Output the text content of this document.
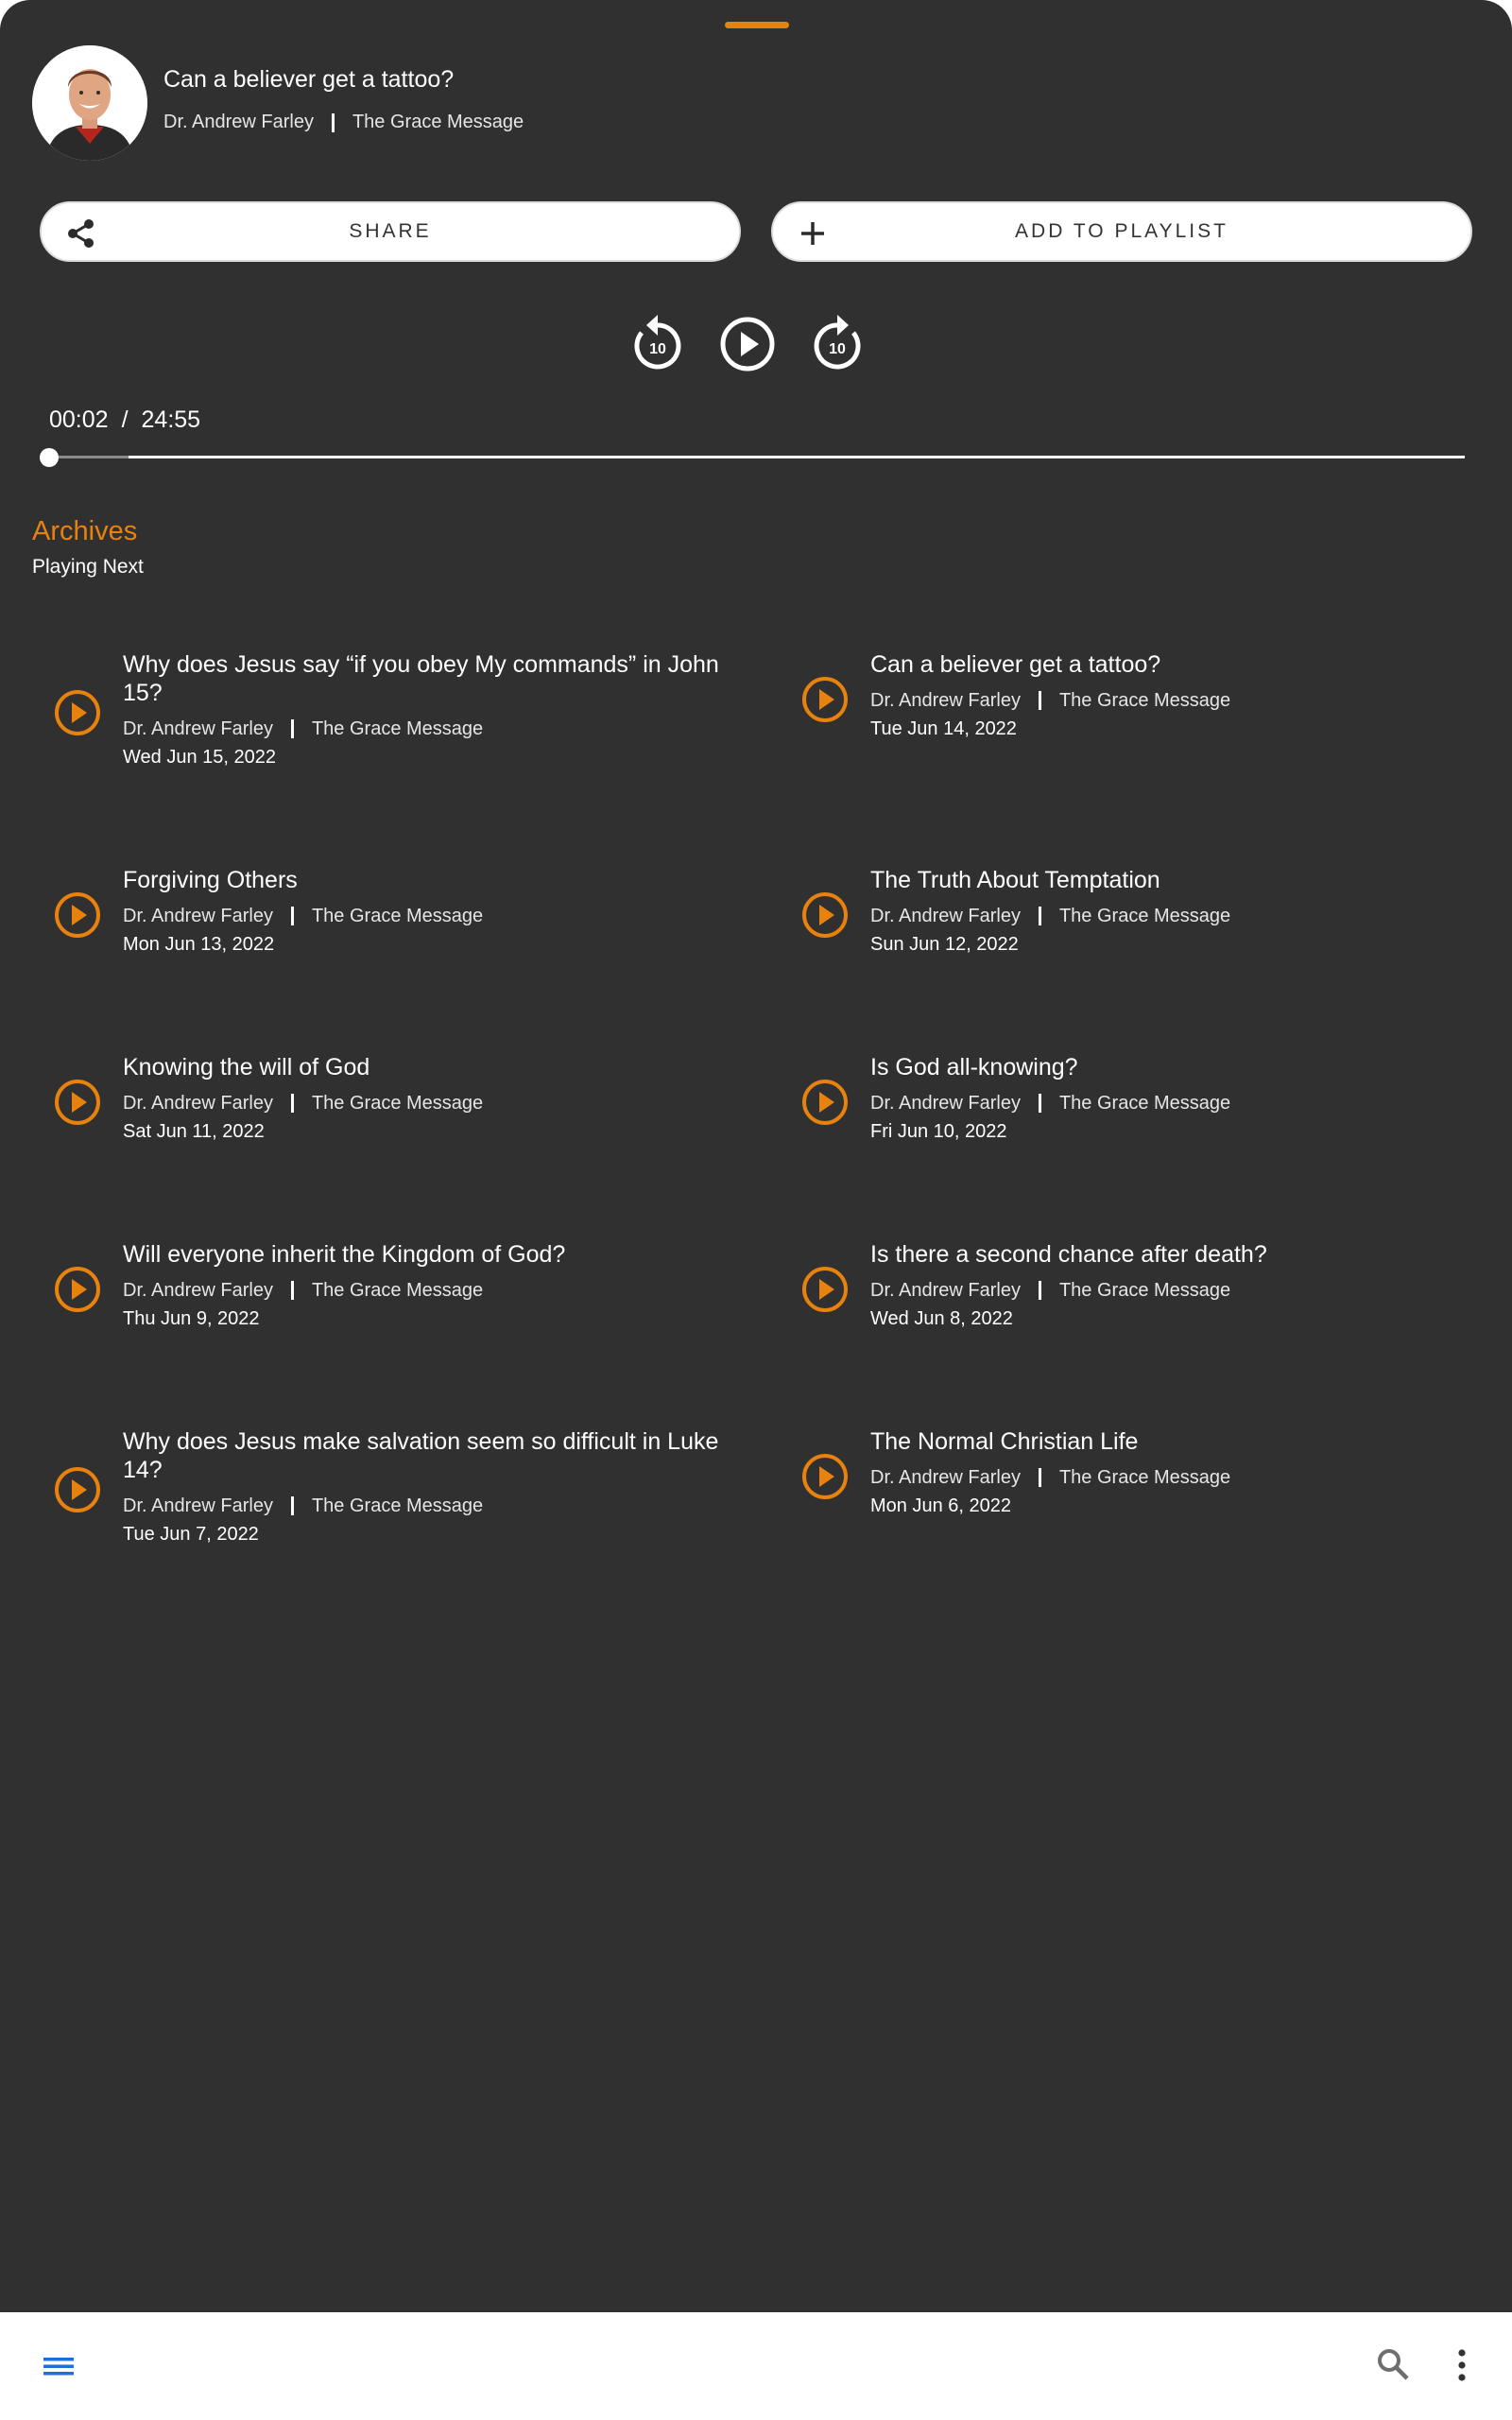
Can a believer get a tattoo?
Dr. Andrew Farley The Grace Message
SHARE	ADD TO PLAYLIST
10	10
00:02 / 24:55
Archives
Playing Next
Why does Jesus say “if you obey My commands” in John 15?
Dr. Andrew Farley The Grace Message
Wed Jun 15, 2022
Can a believer get a tattoo?
Dr. Andrew Farley The Grace Message
Tue Jun 14, 2022
Forgiving Others
Dr. Andrew Farley The Grace Message
Mon Jun 13, 2022
The Truth About Temptation
Dr. Andrew Farley The Grace Message
Sun Jun 12, 2022
Knowing the will of God
Dr. Andrew Farley The Grace Message
Sat Jun 11, 2022
Is God all-knowing?
Dr. Andrew Farley The Grace Message
Fri Jun 10, 2022
Will everyone inherit the Kingdom of God?
Dr. Andrew Farley The Grace Message
Thu Jun 9, 2022
Is there a second chance after death?
Dr. Andrew Farley The Grace Message
Wed Jun 8, 2022
Why does Jesus make salvation seem so difficult in Luke 14?
Dr. Andrew Farley The Grace Message
Tue Jun 7, 2022
The Normal Christian Life
Dr. Andrew Farley The Grace Message
Mon Jun 6, 2022
